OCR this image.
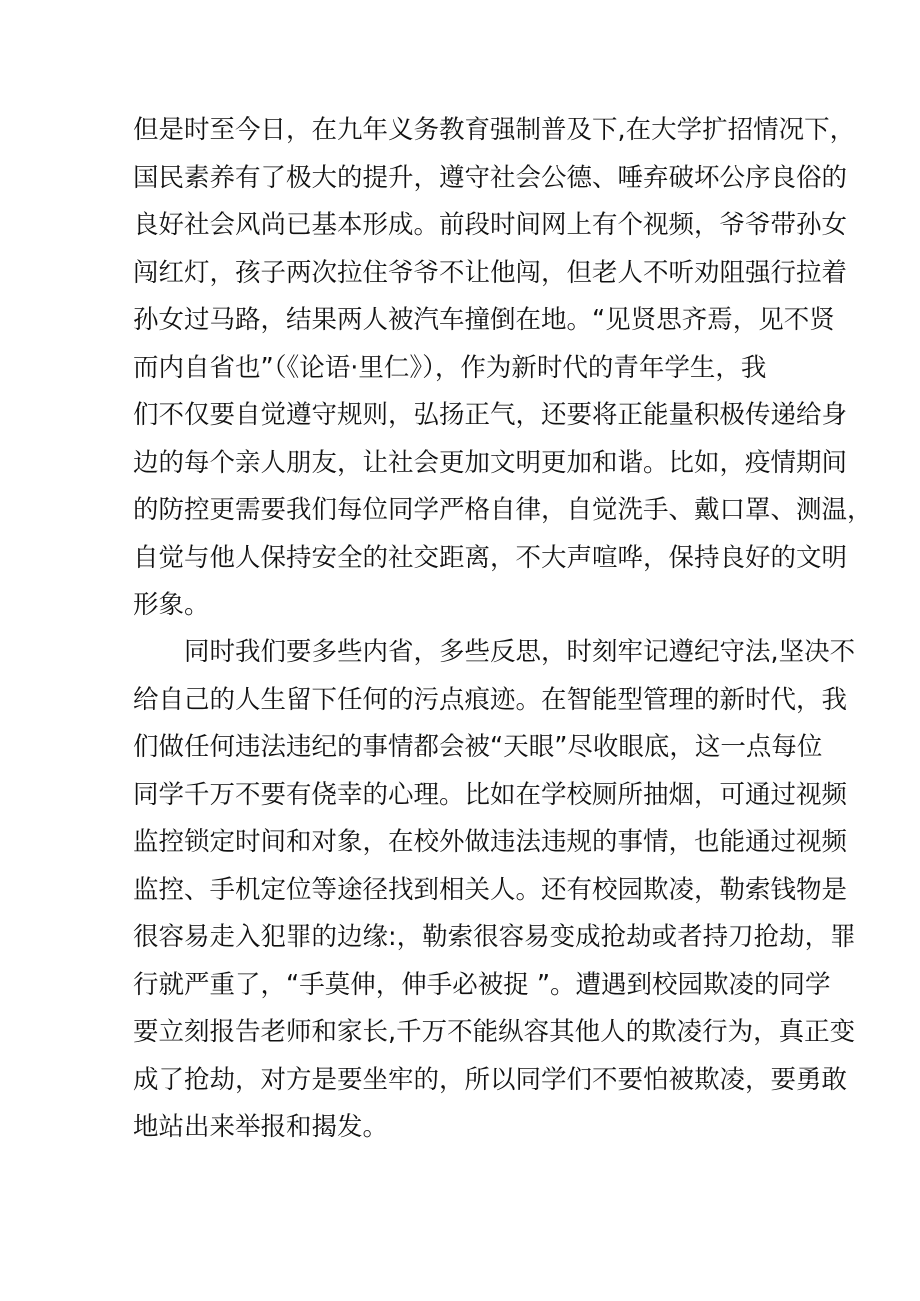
但是时至今日，在九年义务教育强制普及下,在大学扩招情况下，
国民素养有了极大的提升，遵守社会公德、唾弃破坏公序良俗的
良好社会风尚已基本形成。前段时间网上有个视频，爷爷带孙女
闯红灯，孩子两次拉住爷爷不让他闯，但老人不听劝阻强行拉着
孙女过马路，结果两人被汽车撞倒在地。“见贤思齐焉，见不贤
而内自省也”（《论语·里仁》），作为新时代的青年学生，我
们不仅要自觉遵守规则，弘扬正气，还要将正能量积极传递给身
边的每个亲人朋友，让社会更加文明更加和谐。比如，疫情期间
的防控更需要我们每位同学严格自律，自觉洗手、戴口罩、测温，
自觉与他人保持安全的社交距离，不大声喧哗，保持良好的文明
形象。
同时我们要多些内省，多些反思，时刻牢记遵纪守法,坚决不
给自己的人生留下任何的污点痕迹。在智能型管理的新时代，我
们做任何违法违纪的事情都会被“天眼”尽收眼底，这一点每位
同学千万不要有侥幸的心理。比如在学校厕所抽烟，可通过视频
监控锁定时间和对象，在校外做违法违规的事情，也能通过视频
监控、手机定位等途径找到相关人。还有校园欺凌，勒索钱物是
很容易走入犯罪的边缘:，勒索很容易变成抢劫或者持刀抢劫，罪
行就严重了，“手莫伸，伸手必被捉 ”。遭遇到校园欺凌的同学
要立刻报告老师和家长,千万不能纵容其他人的欺凌行为，真正变
成了抢劫，对方是要坐牢的，所以同学们不要怕被欺凌，要勇敢
地站出来举报和揭发。
